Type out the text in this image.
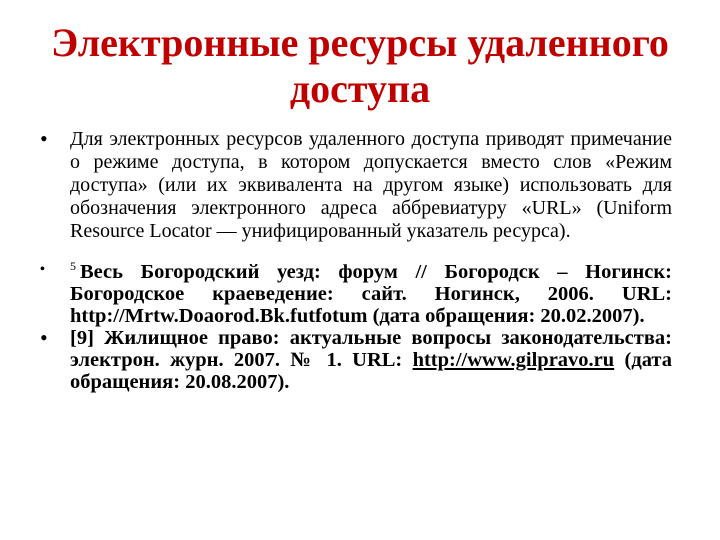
Электронные ресурсы удаленного доступа
• Для электронных ресурсов удаленного доступа приводят примечание о режиме доступа, в котором допускается вместо слов «Режим доступа» (или их эквивалента на другом языке) использовать для обозначения электронного адреса аббревиатуру «URL» (Uniform Resource Locator — унифицированный указатель ресурса).
• $^5$ Весь Богородский уезд: форум // Богородск – Ногинск: Богородское краеведение: сайт. Ногинск, 2006. URL: http://Mrtw.Doaorod.Bk.futfotum (дата обращения: 20.02.2007).
• [9] Жилищное право: актуальные вопросы законодательства: электрон. журн. 2007. № 1. URL: http://www.gilpravo.ru (дата обращения: 20.08.2007).
